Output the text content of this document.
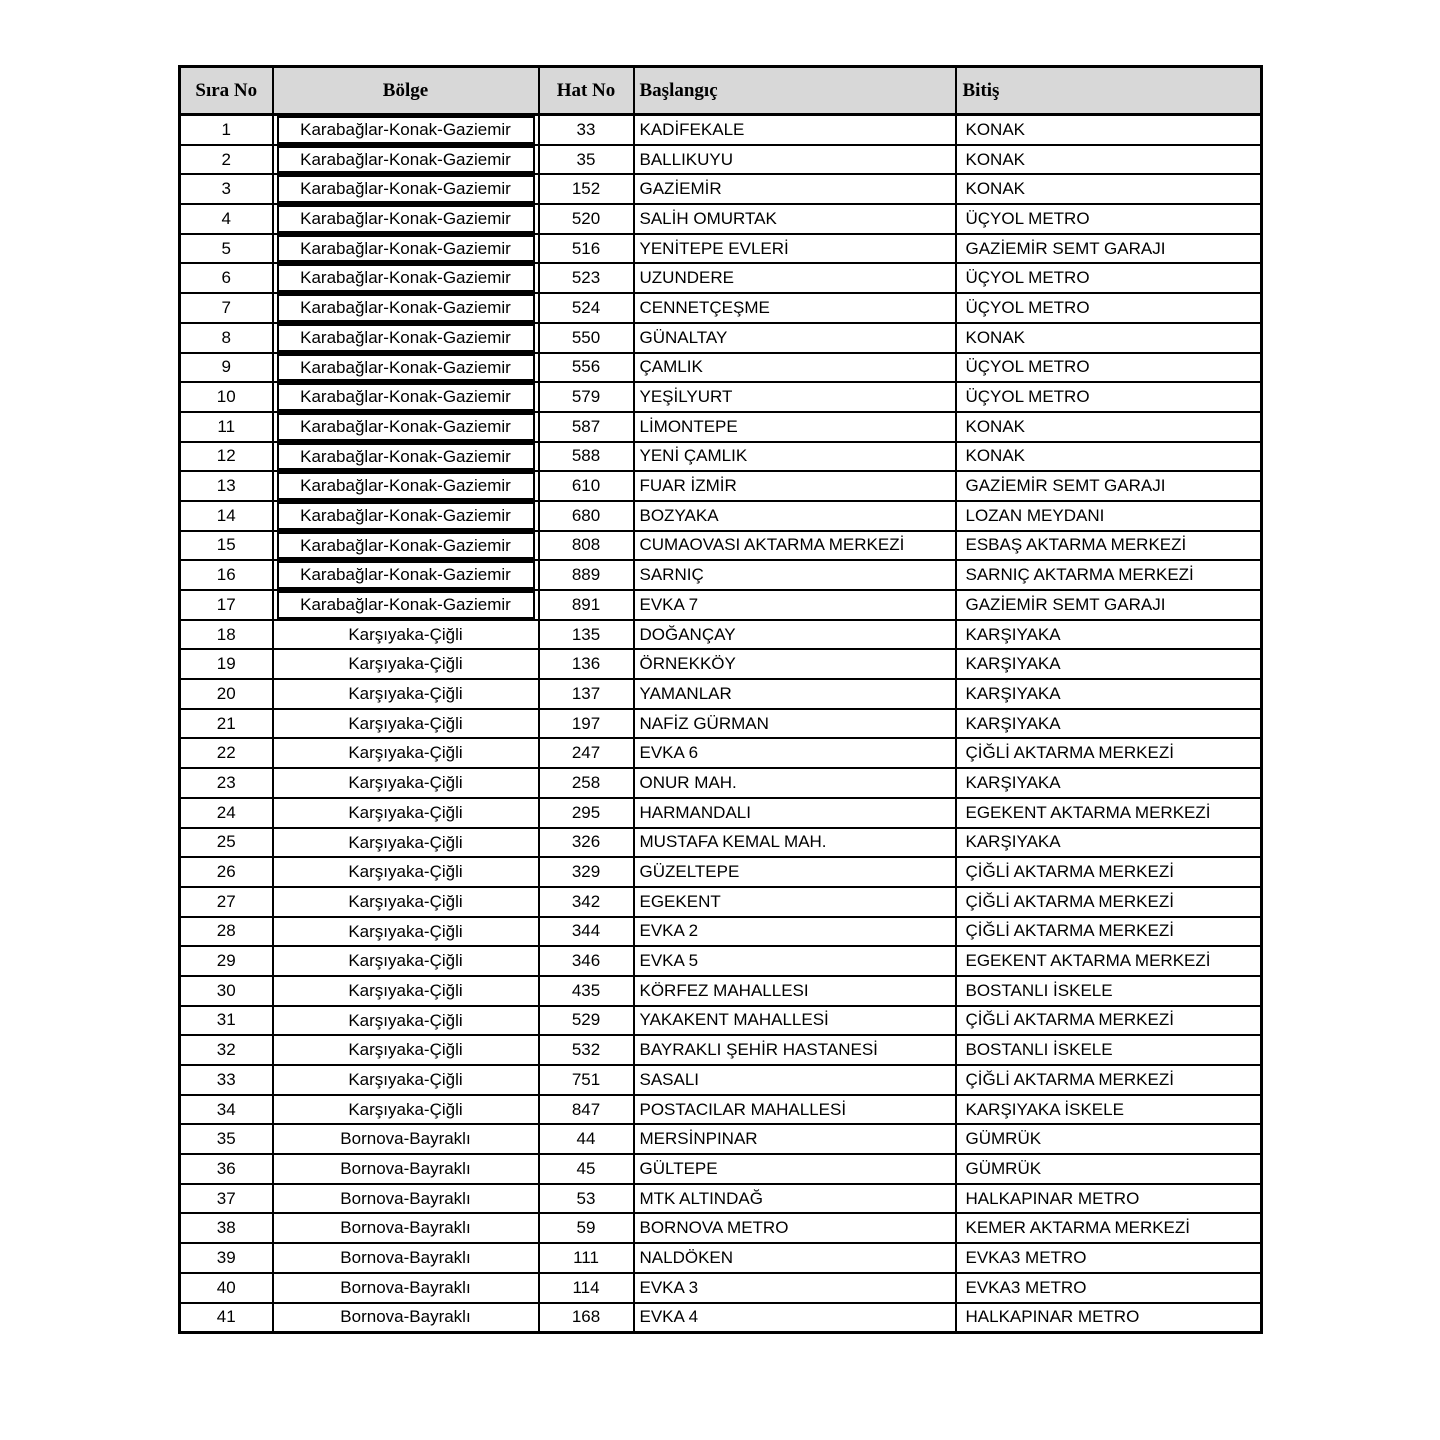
Sıra No	Bölge	Hat No	Başlangıç	Bitiş
1	Karabağlar-Konak-Gaziemir	33	KADİFEKALE	KONAK
2	Karabağlar-Konak-Gaziemir	35	BALLIKUYU	KONAK
3	Karabağlar-Konak-Gaziemir	152	GAZİEMİR	KONAK
4	Karabağlar-Konak-Gaziemir	520	SALİH OMURTAK	ÜÇYOL METRO
5	Karabağlar-Konak-Gaziemir	516	YENİTEPE EVLERİ	GAZİEMİR SEMT GARAJI
6	Karabağlar-Konak-Gaziemir	523	UZUNDERE	ÜÇYOL METRO
7	Karabağlar-Konak-Gaziemir	524	CENNETÇEŞME	ÜÇYOL METRO
8	Karabağlar-Konak-Gaziemir	550	GÜNALTAY	KONAK
9	Karabağlar-Konak-Gaziemir	556	ÇAMLIK	ÜÇYOL METRO
10	Karabağlar-Konak-Gaziemir	579	YEŞİLYURT	ÜÇYOL METRO
11	Karabağlar-Konak-Gaziemir	587	LİMONTEPE	KONAK
12	Karabağlar-Konak-Gaziemir	588	YENİ ÇAMLIK	KONAK
13	Karabağlar-Konak-Gaziemir	610	FUAR İZMİR	GAZİEMİR SEMT GARAJI
14	Karabağlar-Konak-Gaziemir	680	BOZYAKA	LOZAN MEYDANI
15	Karabağlar-Konak-Gaziemir	808	CUMAOVASI AKTARMA MERKEZİ	ESBAŞ AKTARMA MERKEZİ
16	Karabağlar-Konak-Gaziemir	889	SARNIÇ	SARNIÇ AKTARMA MERKEZİ
17	Karabağlar-Konak-Gaziemir	891	EVKA 7	GAZİEMİR SEMT GARAJI
18	Karşıyaka-Çiğli	135	DOĞANÇAY	KARŞIYAKA
19	Karşıyaka-Çiğli	136	ÖRNEKKÖY	KARŞIYAKA
20	Karşıyaka-Çiğli	137	YAMANLAR	KARŞIYAKA
21	Karşıyaka-Çiğli	197	NAFİZ GÜRMAN	KARŞIYAKA
22	Karşıyaka-Çiğli	247	EVKA 6	ÇİĞLİ AKTARMA MERKEZİ
23	Karşıyaka-Çiğli	258	ONUR MAH.	KARŞIYAKA
24	Karşıyaka-Çiğli	295	HARMANDALI	EGEKENT AKTARMA MERKEZİ
25	Karşıyaka-Çiğli	326	MUSTAFA KEMAL MAH.	KARŞIYAKA
26	Karşıyaka-Çiğli	329	GÜZELTEPE	ÇİĞLİ AKTARMA MERKEZİ
27	Karşıyaka-Çiğli	342	EGEKENT	ÇİĞLİ AKTARMA MERKEZİ
28	Karşıyaka-Çiğli	344	EVKA 2	ÇİĞLİ AKTARMA MERKEZİ
29	Karşıyaka-Çiğli	346	EVKA 5	EGEKENT AKTARMA MERKEZİ
30	Karşıyaka-Çiğli	435	KÖRFEZ MAHALLESI	BOSTANLI İSKELE
31	Karşıyaka-Çiğli	529	YAKAKENT MAHALLESİ	ÇİĞLİ AKTARMA MERKEZİ
32	Karşıyaka-Çiğli	532	BAYRAKLI ŞEHİR HASTANESİ	BOSTANLI İSKELE
33	Karşıyaka-Çiğli	751	SASALI	ÇİĞLİ AKTARMA MERKEZİ
34	Karşıyaka-Çiğli	847	POSTACILAR MAHALLESİ	KARŞIYAKA İSKELE
35	Bornova-Bayraklı	44	MERSİNPINAR	GÜMRÜK
36	Bornova-Bayraklı	45	GÜLTEPE	GÜMRÜK
37	Bornova-Bayraklı	53	MTK ALTINDAĞ	HALKAPINAR METRO
38	Bornova-Bayraklı	59	BORNOVA METRO	KEMER AKTARMA MERKEZİ
39	Bornova-Bayraklı	111	NALDÖKEN	EVKA3 METRO
40	Bornova-Bayraklı	114	EVKA 3	EVKA3 METRO
41	Bornova-Bayraklı	168	EVKA 4	HALKAPINAR METRO
